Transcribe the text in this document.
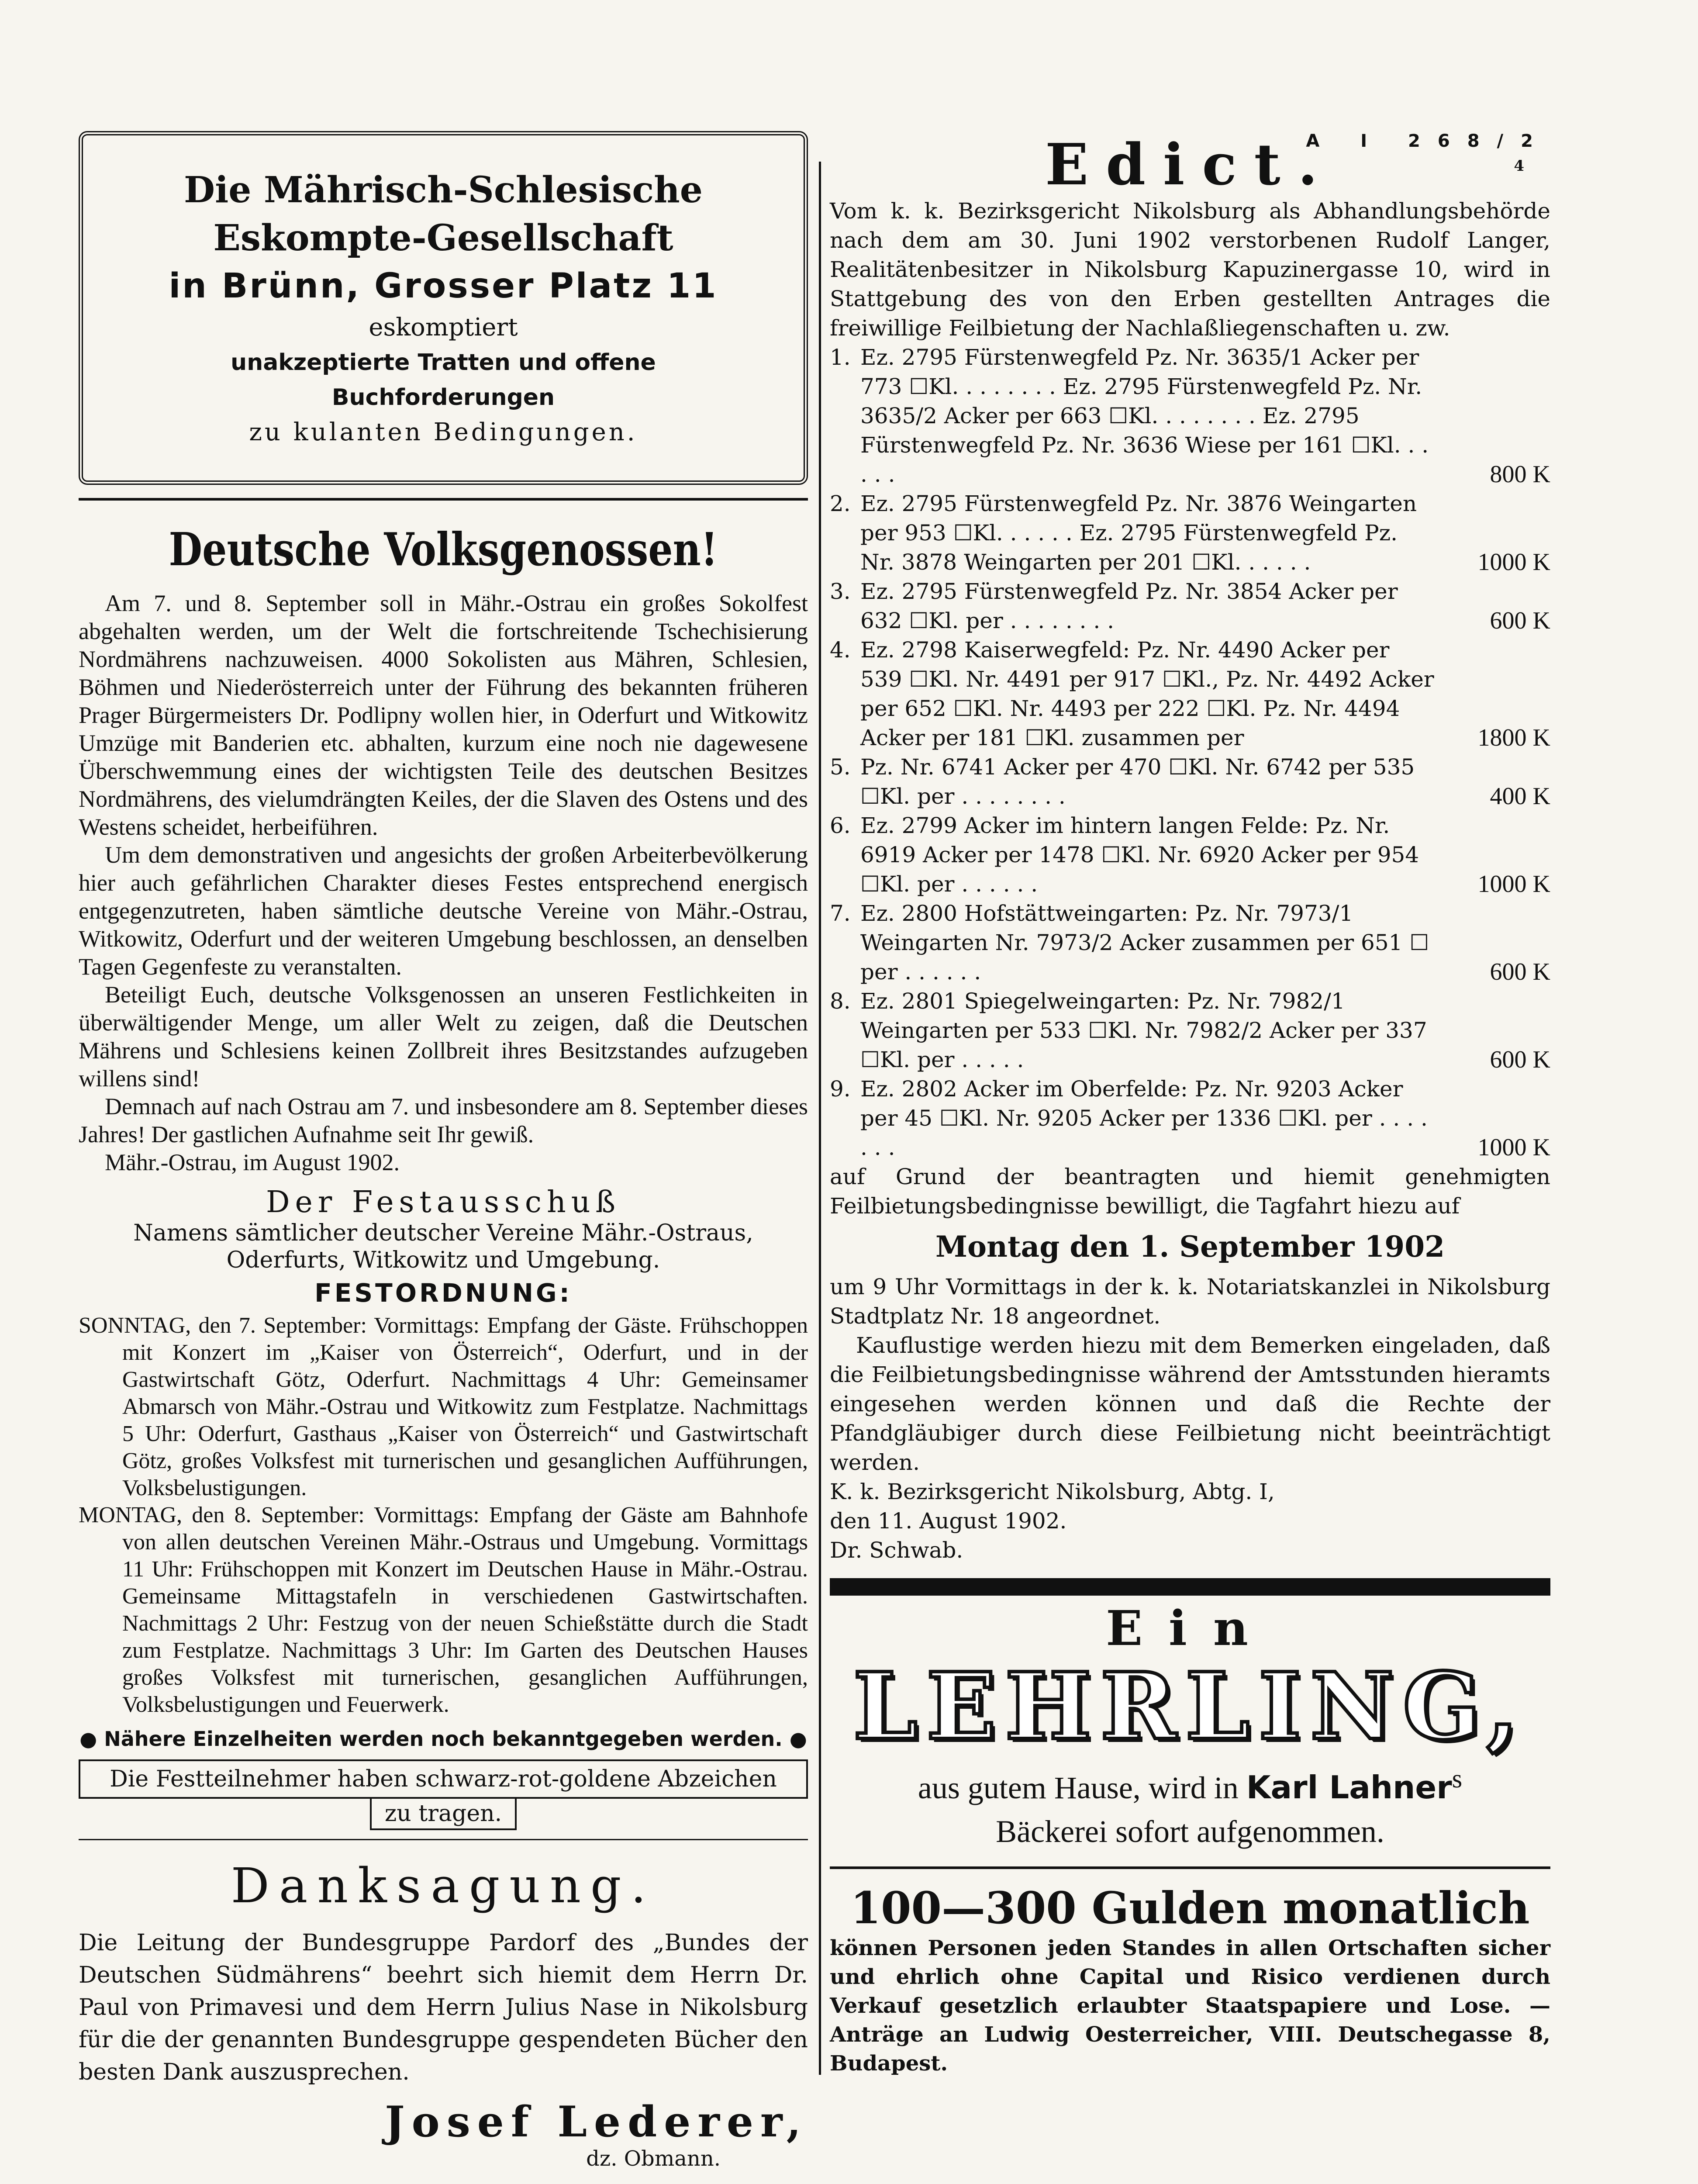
Die Mährisch-Schlesische
Eskompte-Gesellschaft
in Brünn, Grosser Platz 11
eskomptiert
unakzeptierte Tratten und offene
Buchforderungen
zu kulanten Bedingungen.
Deutsche Volksgenossen!

Am 7. und 8. September soll in Mähr.-Ostrau ein großes Sokolfest abgehalten werden, um der Welt die fortschreitende Tschechisierung Nordmährens nachzuweisen. 4000 Sokolisten aus Mähren, Schlesien, Böhmen und Niederösterreich unter der Führung des bekannten früheren Prager Bürgermeisters Dr. Podlipny wollen hier, in Oderfurt und Witkowitz Umzüge mit Banderien etc. abhalten, kurzum eine noch nie dagewesene Überschwemmung eines der wichtigsten Teile des deutschen Besitzes Nordmährens, des vielumdrängten Keiles, der die Slaven des Ostens und des Westens scheidet, herbeiführen.

Um dem demonstrativen und angesichts der großen Arbeiterbevölkerung hier auch gefährlichen Charakter dieses Festes entsprechend energisch entgegenzutreten, haben sämtliche deutsche Vereine von Mähr.-Ostrau, Witkowitz, Oderfurt und der weiteren Umgebung beschlossen, an denselben Tagen Gegenfeste zu veranstalten.

Beteiligt Euch, deutsche Volksgenossen an unseren Festlichkeiten in überwältigender Menge, um aller Welt zu zeigen, daß die Deutschen Mährens und Schlesiens keinen Zollbreit ihres Besitzstandes aufzugeben willens sind!

Demnach auf nach Ostrau am 7. und insbesondere am 8. September dieses Jahres! Der gastlichen Aufnahme seit Ihr gewiß.

Mähr.-Ostrau, im August 1902.

Der Festausschuß
Namens sämtlicher deutscher Vereine Mähr.-Ostraus,
Oderfurts, Witkowitz und Umgebung.
FESTORDNUNG:
SONNTAG, den 7. September: Vormittags: Empfang der Gäste. Frühschoppen mit Konzert im „Kaiser von Österreich“, Oderfurt, und in der Gastwirtschaft Götz, Oderfurt. Nachmittags 4 Uhr: Gemeinsamer Abmarsch von Mähr.-Ostrau und Witkowitz zum Festplatze. Nachmittags 5 Uhr: Oderfurt, Gasthaus „Kaiser von Österreich“ und Gastwirtschaft Götz, großes Volksfest mit turnerischen und gesanglichen Aufführungen, Volksbelustigungen.
MONTAG, den 8. September: Vormittags: Empfang der Gäste am Bahnhofe von allen deutschen Vereinen Mähr.-Ostraus und Umgebung. Vormittags 11 Uhr: Frühschoppen mit Konzert im Deutschen Hause in Mähr.-Ostrau. Gemeinsame Mittagstafeln in verschiedenen Gastwirtschaften. Nachmittags 2 Uhr: Festzug von der neuen Schießstätte durch die Stadt zum Festplatze. Nachmittags 3 Uhr: Im Garten des Deutschen Hauses großes Volksfest mit turnerischen, gesanglichen Aufführungen, Volksbelustigungen und Feuerwerk.
● Nähere Einzelheiten werden noch bekanntgegeben werden. ●
Die Festteilnehmer haben schwarz-rot-goldene Abzeichen
zu tragen.
Danksagung.
Die Leitung der Bundesgruppe Pardorf des „Bundes der Deutschen Südmährens“ beehrt sich hiemit dem Herrn Dr. Paul von Primavesi und dem Herrn Julius Nase in Nikolsburg für die der genannten Bundesgruppe gespendeten Bücher den besten Dank auszusprechen.
Josef Lederer,
dz. Obmann.
Edict.
A I 268/2
4
Vom k. k. Bezirksgericht Nikolsburg als Abhandlungsbehörde nach dem am 30. Juni 1902 verstorbenen Rudolf Langer, Realitätenbesitzer in Nikolsburg Kapuzinergasse 10, wird in Stattgebung des von den Erben gestellten Antrages die freiwillige Feilbietung der Nachlaßliegenschaften u. zw.
1. Ez. 2795 Fürstenwegfeld Pz. Nr. 3635/1 Acker per 773 ☐Kl. . . . . . . . Ez. 2795 Fürstenwegfeld Pz. Nr. 3635/2 Acker per 663 ☐Kl. . . . . . . . Ez. 2795 Fürstenwegfeld Pz. Nr. 3636 Wiese per 161 ☐Kl. . . . . .	800 K
2. Ez. 2795 Fürstenwegfeld Pz. Nr. 3876 Weingarten per 953 ☐Kl. . . . . . Ez. 2795 Fürstenwegfeld Pz. Nr. 3878 Weingarten per 201 ☐Kl. . . . . .	1000 K
3. Ez. 2795 Fürstenwegfeld Pz. Nr. 3854 Acker per 632 ☐Kl. per . . . . . . . .	600 K
4. Ez. 2798 Kaiserwegfeld: Pz. Nr. 4490 Acker per 539 ☐Kl. Nr. 4491 per 917 ☐Kl., Pz. Nr. 4492 Acker per 652 ☐Kl. Nr. 4493 per 222 ☐Kl. Pz. Nr. 4494 Acker per 181 ☐Kl. zusammen per	1800 K
5. Pz. Nr. 6741 Acker per 470 ☐Kl. Nr. 6742 per 535 ☐Kl. per . . . . . . . .	400 K
6. Ez. 2799 Acker im hintern langen Felde: Pz. Nr. 6919 Acker per 1478 ☐Kl. Nr. 6920 Acker per 954 ☐Kl. per . . . . . .	1000 K
7. Ez. 2800 Hofstättweingarten: Pz. Nr. 7973/1 Weingarten Nr. 7973/2 Acker zusammen per 651 ☐ per . . . . . .	600 K
8. Ez. 2801 Spiegelweingarten: Pz. Nr. 7982/1 Weingarten per 533 ☐Kl. Nr. 7982/2 Acker per 337 ☐Kl. per . . . . .	600 K
9. Ez. 2802 Acker im Oberfelde: Pz. Nr. 9203 Acker per 45 ☐Kl. Nr. 9205 Acker per 1336 ☐Kl. per . . . . . . .	1000 K
auf Grund der beantragten und hiemit genehmigten Feilbietungsbedingnisse bewilligt, die Tagfahrt hiezu auf
Montag den 1. September 1902
um 9 Uhr Vormittags in der k. k. Notariatskanzlei in Nikolsburg Stadtplatz Nr. 18 angeordnet.
Kauflustige werden hiezu mit dem Bemerken eingeladen, daß die Feilbietungsbedingnisse während der Amtsstunden hieramts eingesehen werden können und daß die Rechte der Pfandgläubiger durch diese Feilbietung nicht beeinträchtigt werden.
K. k. Bezirksgericht Nikolsburg, Abtg. I,
den 11. August 1902.
Dr. Schwab.
Ein
LEHRLING,
aus gutem Hause, wird in Karl Lahner$^s$
Bäckerei sofort aufgenommen.
100—300 Gulden monatlich
können Personen jeden Standes in allen Ortschaften sicher und ehrlich ohne Capital und Risico verdienen durch Verkauf gesetzlich erlaubter Staatspapiere und Lose. — Anträge an Ludwig Oesterreicher, VIII. Deutschegasse 8, Budapest.
